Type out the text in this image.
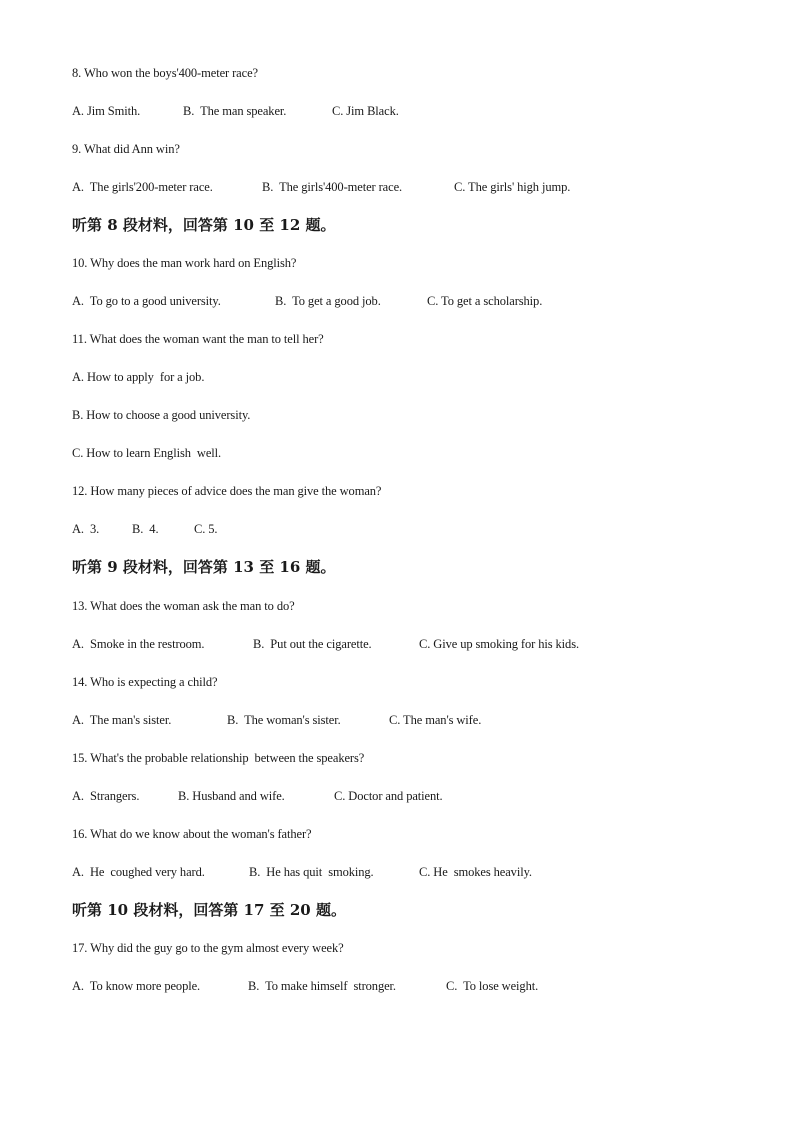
8. Who won the boys'400-meter race?

A. Jim Smith.

	B.  The man speaker.

	C. Jim Black.

9. What did Ann win?

A.  The girls'200-meter race.

	B.  The girls'400-meter race.

	C. The girls' high jump.

听第 8 段材料，回答第 10 至 12 题。
10. Why does the man work hard on English?

A.  To go to a good university.

	B.  To get a good job.

	C. To get a scholarship.

11. What does the woman want the man to tell her?
A. How to apply  for a job.
B. How to choose a good university.
C. How to learn English  well.
12. How many pieces of advice does the man give the woman?

A.  3.

	B.  4.

	C. 5.

听第 9 段材料，回答第 13 至 16 题。
13. What does the woman ask the man to do?

A.  Smoke in the restroom.

	B.  Put out the cigarette.

	C. Give up smoking for his kids.

14. Who is expecting a child?

A.  The man's sister.

	B.  The woman's sister.

	C. The man's wife.

15. What's the probable relationship  between the speakers?

A.  Strangers.

	B. Husband and wife.

	C. Doctor and patient.

16. What do we know about the woman's father?

A.  He  coughed very hard.

	B.  He has quit  smoking.

	C. He  smokes heavily.

听第 10 段材料，回答第 17 至 20 题。
17. Why did the guy go to the gym almost every week?

A.  To know more people.

	B.  To make himself  stronger.

	C.  To lose weight.
